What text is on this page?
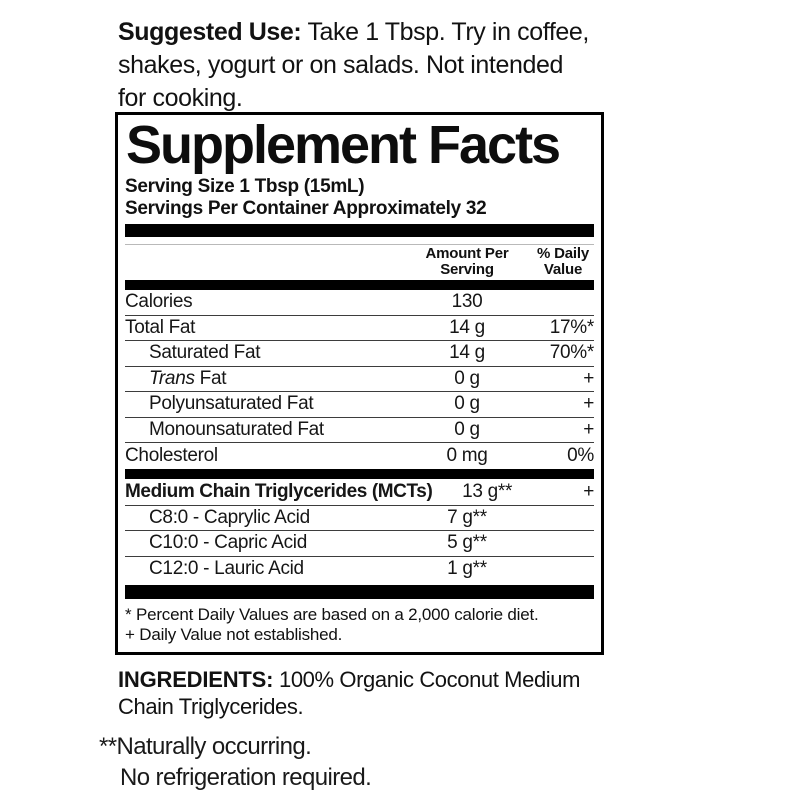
Suggested Use: Take 1 Tbsp. Try in coffee,
shakes, yogurt or on salads. Not intended
for cooking.

Supplement Facts
Serving Size 1 Tbsp (15mL)
Servings Per Container Approximately 32
Amount Per
Serving
% Daily
Value
Calories	130
Total Fat	14 g	17%*
Saturated Fat	14 g	70%*
Trans Fat	0 g	+
Polyunsaturated Fat	0 g	+
Monounsaturated Fat	0 g	+
Cholesterol	0 mg	0%
Medium Chain Triglycerides (MCTs)	13 g**	+
C8:0 - Caprylic Acid	7 g**
C10:0 - Capric Acid	5 g**
C12:0 - Lauric Acid	1 g**
* Percent Daily Values are based on a 2,000 calorie diet.
+ Daily Value not established.

INGREDIENTS: 100% Organic Coconut Medium
Chain Triglycerides.

**Naturally occurring.
No refrigeration required.
